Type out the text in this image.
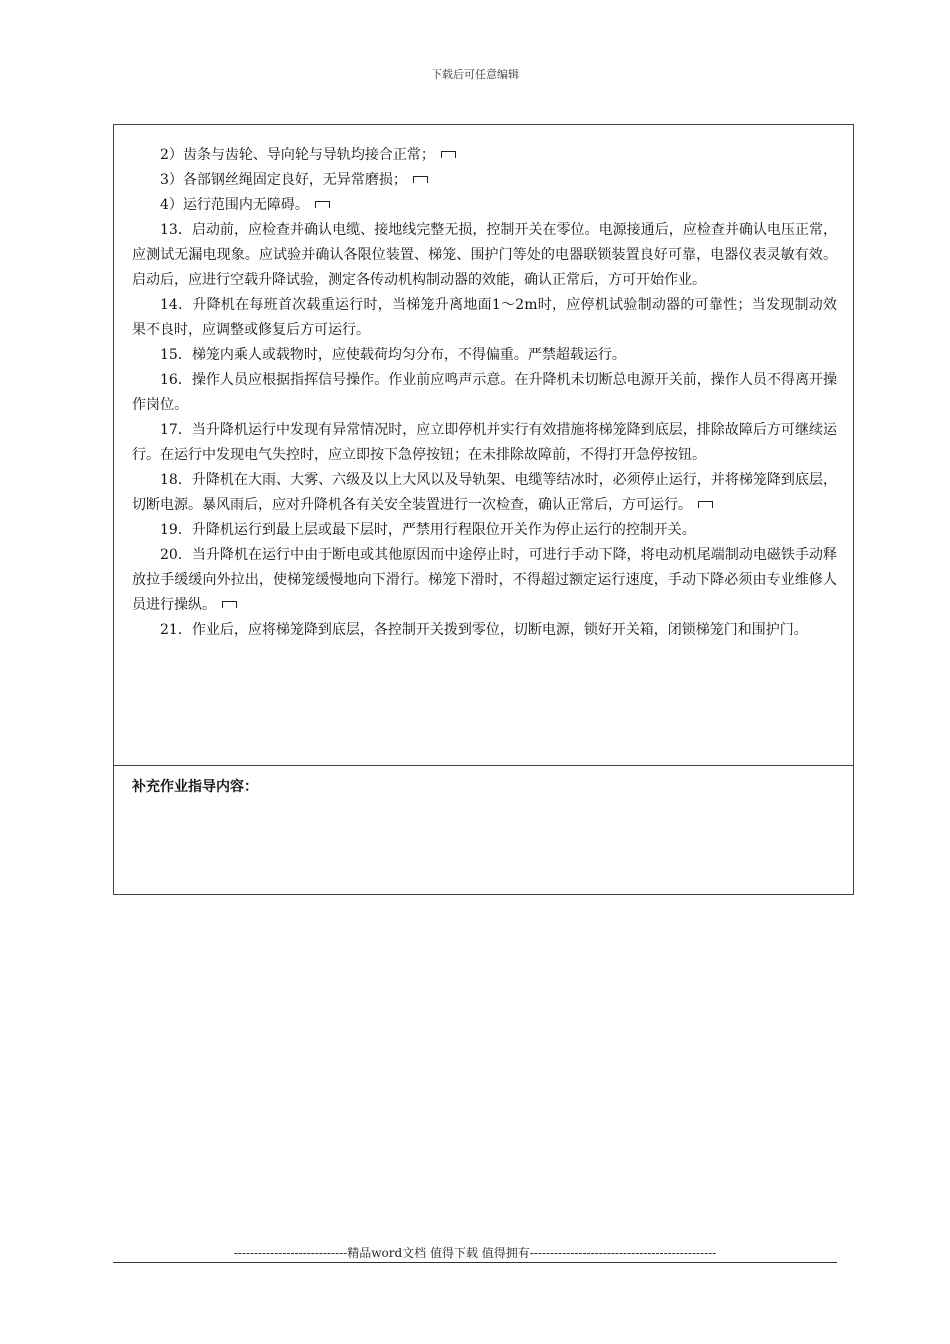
下载后可任意编辑

2）齿条与齿轮、导向轮与导轨均接合正常；

3）各部钢丝绳固定良好，无异常磨损；

4）运行范围内无障碍。

13．启动前，应检查并确认电缆、接地线完整无损，控制开关在零位。电源接通后，应检查并确认电压正常，应测试无漏电现象。应试验并确认各限位装置、梯笼、围护门等处的电器联锁装置良好可靠，电器仪表灵敏有效。启动后，应进行空载升降试验，测定各传动机构制动器的效能，确认正常后，方可开始作业。

14．升降机在每班首次载重运行时，当梯笼升离地面1～2m时，应停机试验制动器的可靠性；当发现制动效果不良时，应调整或修复后方可运行。

15．梯笼内乘人或载物时，应使载荷均匀分布，不得偏重。严禁超载运行。

16．操作人员应根据指挥信号操作。作业前应鸣声示意。在升降机未切断总电源开关前，操作人员不得离开操作岗位。

17．当升降机运行中发现有异常情况时，应立即停机并实行有效措施将梯笼降到底层，排除故障后方可继续运行。在运行中发现电气失控时，应立即按下急停按钮；在未排除故障前，不得打开急停按钮。

18．升降机在大雨、大雾、六级及以上大风以及导轨架、电缆等结冰时，必须停止运行，并将梯笼降到底层，切断电源。暴风雨后，应对升降机各有关安全装置进行一次检查，确认正常后，方可运行。

19．升降机运行到最上层或最下层时，严禁用行程限位开关作为停止运行的控制开关。

20．当升降机在运行中由于断电或其他原因而中途停止时，可进行手动下降，将电动机尾端制动电磁铁手动释放拉手缓缓向外拉出，使梯笼缓慢地向下滑行。梯笼下滑时，不得超过额定运行速度，手动下降必须由专业维修人员进行操纵。

21．作业后，应将梯笼降到底层，各控制开关拨到零位，切断电源，锁好开关箱，闭锁梯笼门和围护门。

补充作业指导内容：
----------------------------精品word文档 值得下载 值得拥有----------------------------------------------
